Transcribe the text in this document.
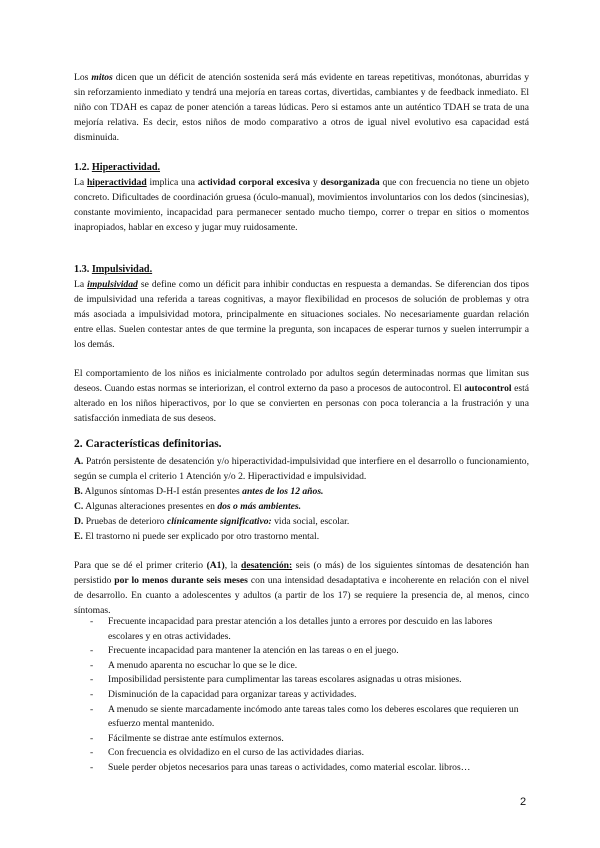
Los mitos dicen que un déficit de atención sostenida será más evidente en tareas repetitivas, monótonas, aburridas y sin reforzamiento inmediato y tendrá una mejoría en tareas cortas, divertidas, cambiantes y de feedback inmediato. El niño con TDAH es capaz de poner atención a tareas lúdicas. Pero si estamos ante un auténtico TDAH se trata de una mejoría relativa. Es decir, estos niños de modo comparativo a otros de igual nivel evolutivo esa capacidad está disminuida.

1.2. Hiperactividad.

La hiperactividad implica una actividad corporal excesiva y desorganizada que con frecuencia no tiene un objeto concreto. Dificultades de coordinación gruesa (óculo-manual), movimientos involuntarios con los dedos (sincinesias), constante movimiento, incapacidad para permanecer sentado mucho tiempo, correr o trepar en sitios o momentos inapropiados, hablar en exceso y jugar muy ruidosamente.

1.3. Impulsividad.

La impulsividad se define como un déficit para inhibir conductas en respuesta a demandas. Se diferencian dos tipos de impulsividad una referida a tareas cognitivas, a mayor flexibilidad en procesos de solución de problemas y otra más asociada a impulsividad motora, principalmente en situaciones sociales. No necesariamente guardan relación entre ellas. Suelen contestar antes de que termine la pregunta, son incapaces de esperar turnos y suelen interrumpir a los demás.

El comportamiento de los niños es inicialmente controlado por adultos según determinadas normas que limitan sus deseos. Cuando estas normas se interiorizan, el control externo da paso a procesos de autocontrol. El autocontrol está alterado en los niños hiperactivos, por lo que se convierten en personas con poca tolerancia a la frustración y una satisfacción inmediata de sus deseos.

2. Características definitorias.

A. Patrón persistente de desatención y/o hiperactividad-impulsividad que interfiere en el desarrollo o funcionamiento, según se cumpla el criterio 1 Atención y/o 2. Hiperactividad e impulsividad.

B. Algunos síntomas D-H-I están presentes antes de los 12 años.

C. Algunas alteraciones presentes en dos o más ambientes.

D. Pruebas de deterioro clínicamente significativo: vida social, escolar.

E. El trastorno ni puede ser explicado por otro trastorno mental.

Para que se dé el primer criterio (A1), la desatención: seis (o más) de los siguientes síntomas de desatención han persistido por lo menos durante seis meses con una intensidad desadaptativa e incoherente en relación con el nivel de desarrollo. En cuanto a adolescentes y adultos (a partir de los 17) se requiere la presencia de, al menos, cinco síntomas.

-	Frecuente incapacidad para prestar atención a los detalles junto a errores por descuido en las labores escolares y en otras actividades.
-	Frecuente incapacidad para mantener la atención en las tareas o en el juego.
-	A menudo aparenta no escuchar lo que se le dice.
-	Imposibilidad persistente para cumplimentar las tareas escolares asignadas u otras misiones.
-	Disminución de la capacidad para organizar tareas y actividades.
-	A menudo se siente marcadamente incómodo ante tareas tales como los deberes escolares que requieren un esfuerzo mental mantenido.
-	Fácilmente se distrae ante estímulos externos.
-	Con frecuencia es olvidadizo en el curso de las actividades diarias.
-	Suele perder objetos necesarios para unas tareas o actividades, como material escolar. libros…
2
